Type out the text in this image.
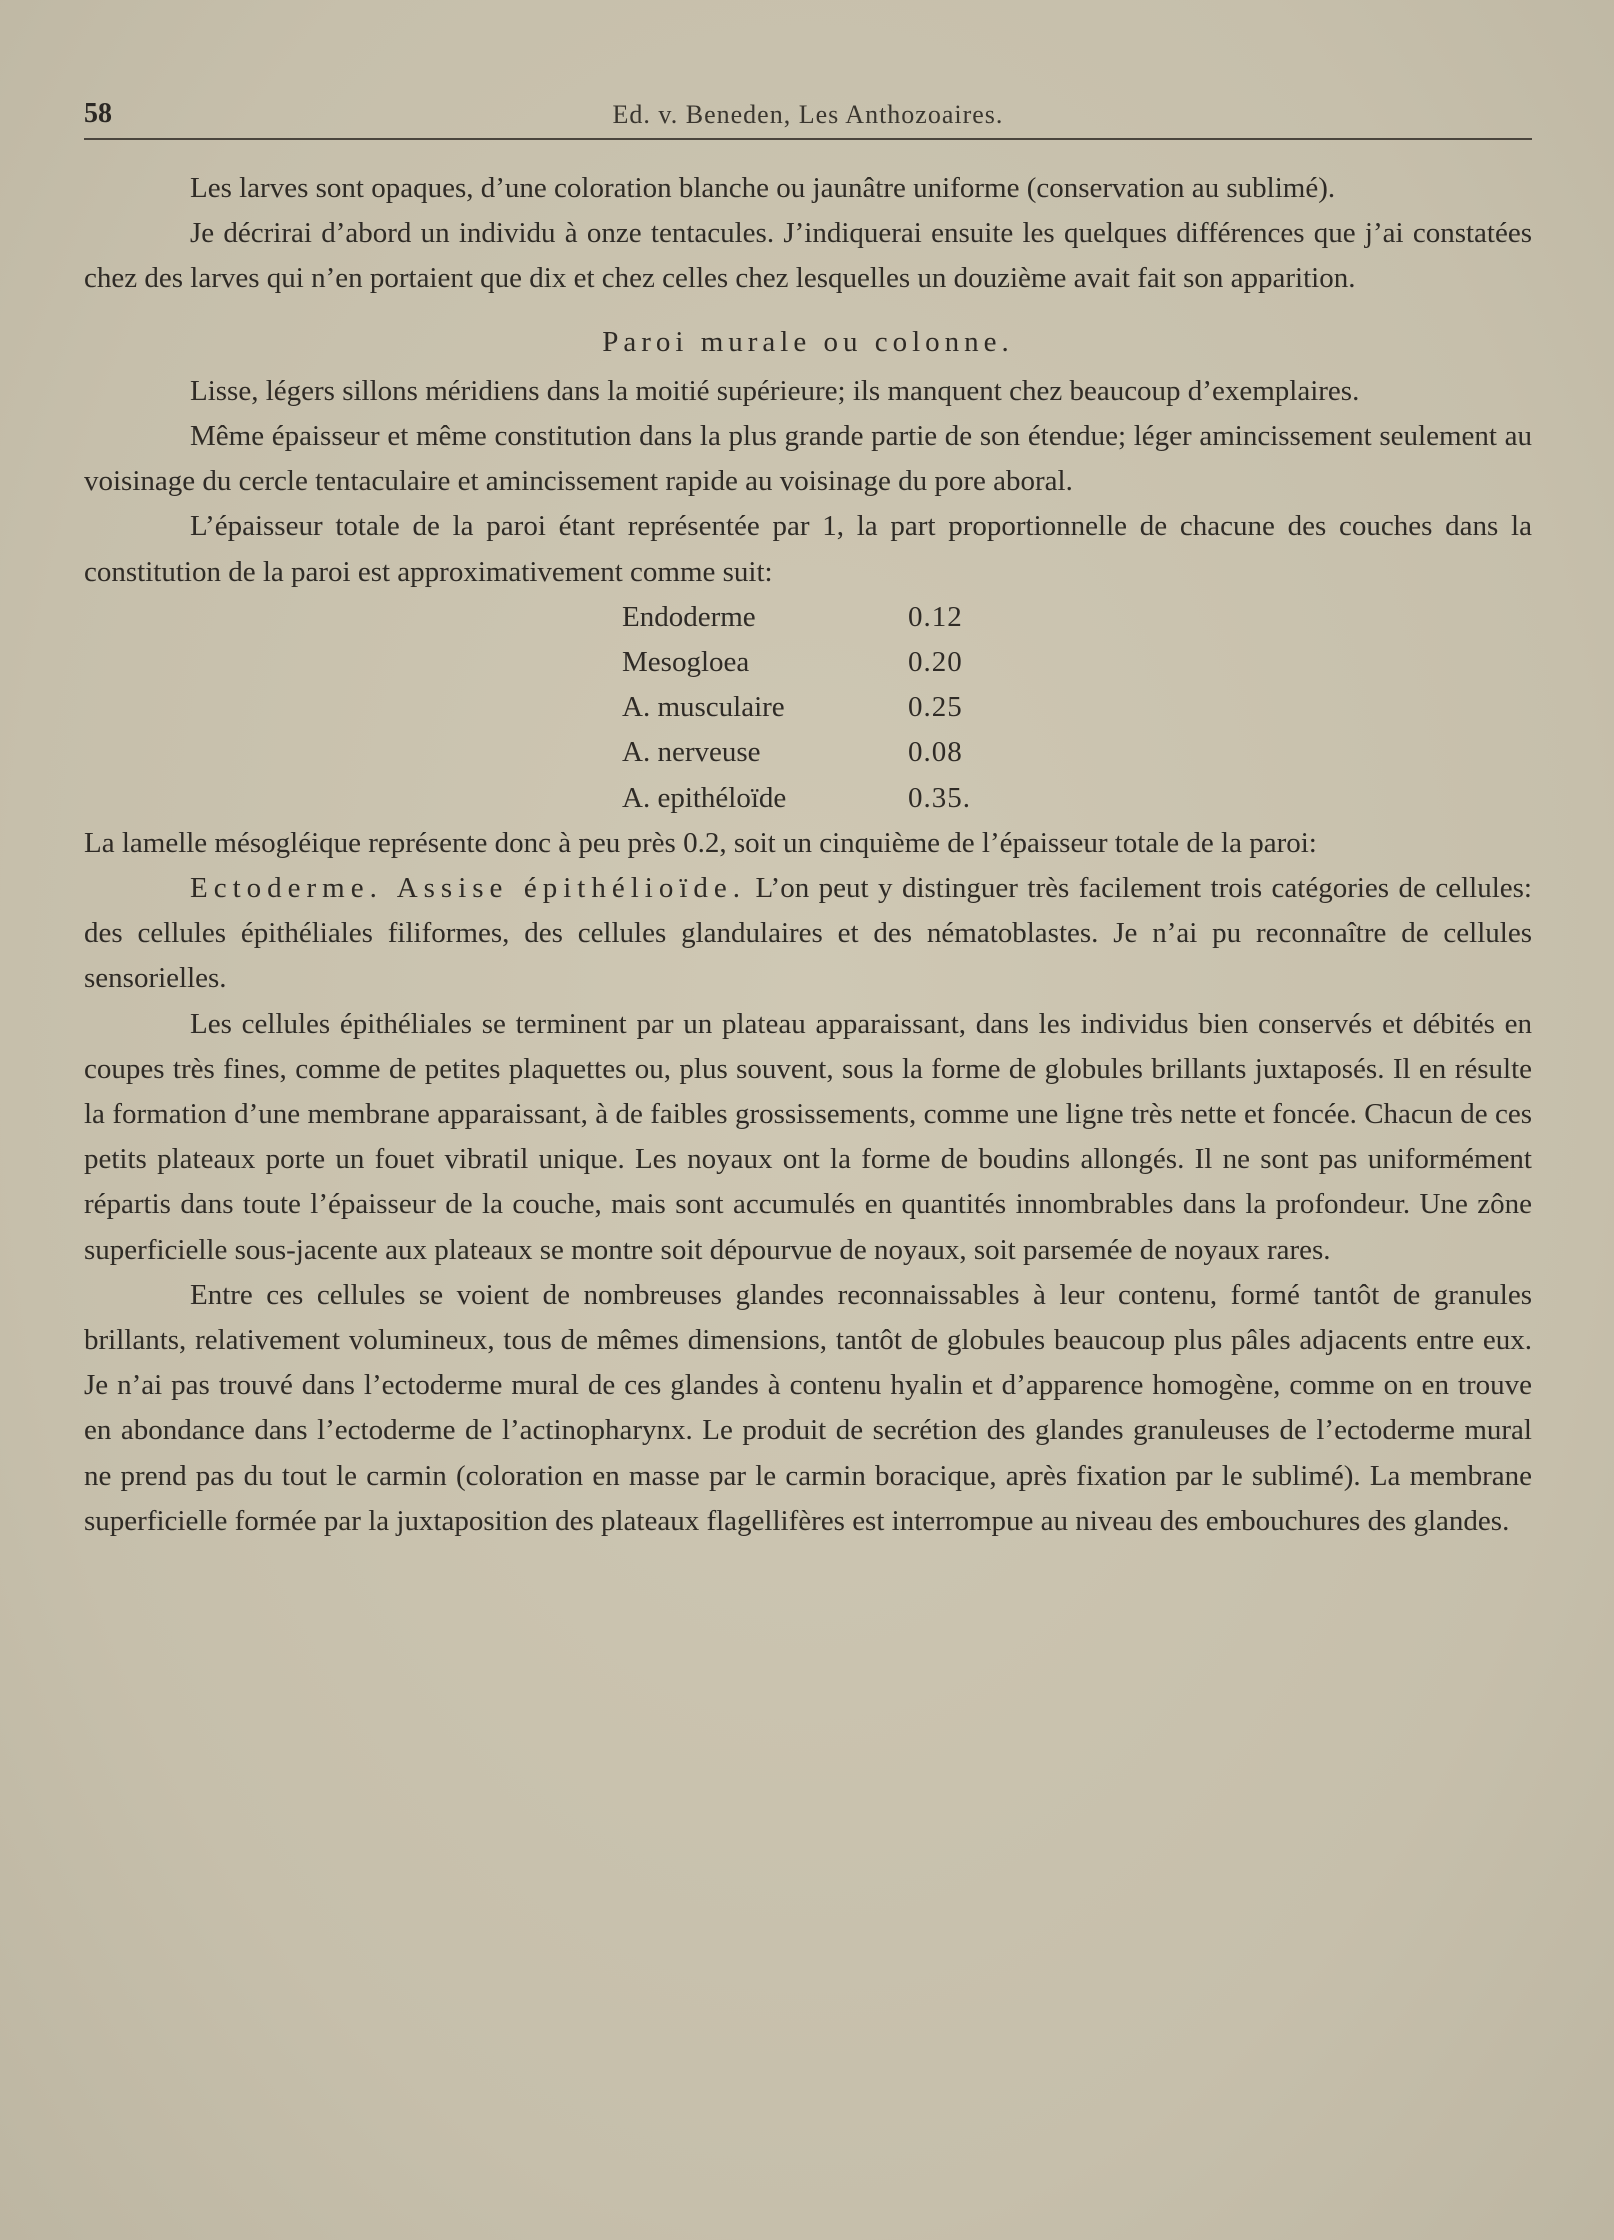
58	Ed. v. Beneden, Les Anthozoaires.

Les larves sont opaques, d’une coloration blanche ou jaunâtre uniforme (conservation au sublimé).

Je décrirai d’abord un individu à onze tentacules. J’indiquerai ensuite les quelques différences que j’ai constatées chez des larves qui n’en portaient que dix et chez celles chez lesquelles un douzième avait fait son apparition.

Paroi murale ou colonne.

Lisse, légers sillons méridiens dans la moitié supérieure; ils manquent chez beaucoup d’exemplaires.

Même épaisseur et même constitution dans la plus grande partie de son étendue; léger amincissement seulement au voisinage du cercle tentaculaire et amincissement rapide au voisinage du pore aboral.

L’épaisseur totale de la paroi étant représentée par 1, la part proportionnelle de chacune des couches dans la constitution de la paroi est approximativement comme suit:

Endoderme	0.12
Mesogloea	0.20
A. musculaire	0.25
A. nerveuse	0.08
A. epithéloïde	0.35.

La lamelle mésogléique représente donc à peu près 0.2, soit un cinquième de l’épaisseur totale de la paroi:

Ectoderme. Assise épithélioïde. L’on peut y distinguer très facilement trois catégories de cellules: des cellules épithéliales filiformes, des cellules glandulaires et des nématoblastes. Je n’ai pu reconnaître de cellules sensorielles.

Les cellules épithéliales se terminent par un plateau apparaissant, dans les individus bien conservés et débités en coupes très fines, comme de petites plaquettes ou, plus souvent, sous la forme de globules brillants juxtaposés. Il en résulte la formation d’une membrane apparaissant, à de faibles grossissements, comme une ligne très nette et foncée. Chacun de ces petits plateaux porte un fouet vibratil unique. Les noyaux ont la forme de boudins allongés. Il ne sont pas uniformément répartis dans toute l’épaisseur de la couche, mais sont accumulés en quantités innombrables dans la profondeur. Une zône superficielle sous-jacente aux plateaux se montre soit dépourvue de noyaux, soit parsemée de noyaux rares.

Entre ces cellules se voient de nombreuses glandes reconnaissables à leur contenu, formé tantôt de granules brillants, relativement volumineux, tous de mêmes dimensions, tantôt de globules beaucoup plus pâles adjacents entre eux. Je n’ai pas trouvé dans l’ectoderme mural de ces glandes à contenu hyalin et d’apparence homogène, comme on en trouve en abondance dans l’ectoderme de l’actinopharynx. Le produit de secrétion des glandes granuleuses de l’ectoderme mural ne prend pas du tout le carmin (coloration en masse par le carmin boracique, après fixation par le sublimé). La membrane superficielle formée par la juxtaposition des plateaux flagellifères est interrompue au niveau des embouchures des glandes.
